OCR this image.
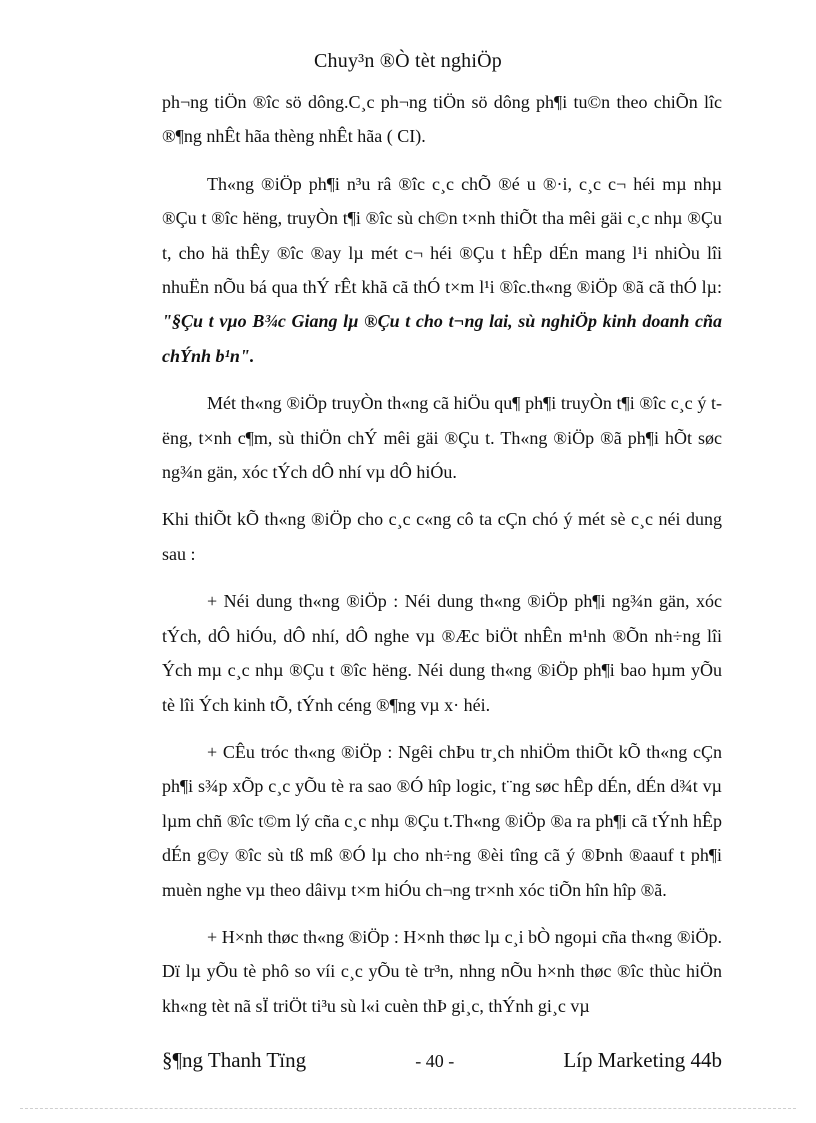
Chuy³n ®Ò tèt nghiÖp

ph¬ng tiÖn ®îc sö dông.C¸c ph¬ng tiÖn sö dông ph¶i tu©n theo chiÕn lîc ®¶ng nhÊt hãa thèng nhÊt hãa ( CI).

Th«ng ®iÖp ph¶i n³u râ ®îc c¸c chÕ ®é u ®·i, c¸c c¬ héi mµ nhµ ®Çu t ®îc hëng, truyÒn t¶i ®îc sù ch©n t×nh thiÕt tha mêi gäi c¸c nhµ ®Çu t, cho hä thÊy ®îc ®ay lµ mét c¬ héi ®Çu t hÊp dÉn mang l¹i nhiÒu lîi nhuËn nÕu bá qua thÝ rÊt khã cã thÓ t×m l¹i ®îc.th«ng ®iÖp ®ã cã thÓ lµ: "§Çu t vµo B¾c Giang lµ ®Çu t cho t¬ng lai, sù nghiÖp kinh doanh cña chÝnh b¹n".

Mét th«ng ®iÖp truyÒn th«ng cã hiÖu qu¶ ph¶i truyÒn t¶i ®îc c¸c ý tëng, t×nh c¶m, sù thiÖn chÝ mêi gäi ®Çu t. Th«ng ®iÖp ®ã ph¶i hÕt søc ng¾n gän, xóc tÝch dÔ nhí vµ dÔ hiÓu.

Khi thiÕt kÕ th«ng ®iÖp cho c¸c c«ng cô ta cÇn chó ý mét sè c¸c néi dung sau :

+ Néi dung th«ng ®iÖp : Néi dung th«ng ®iÖp ph¶i ng¾n gän, xóc tÝch, dÔ hiÓu, dÔ nhí, dÔ nghe vµ ®Æc biÖt nhÊn m¹nh ®Õn nh÷ng lîi Ých mµ c¸c nhµ ®Çu t ®îc hëng. Néi dung th«ng ®iÖp ph¶i bao hµm yÕu tè lîi Ých kinh tÕ, tÝnh céng ®¶ng vµ x· héi.

+ CÊu tróc th«ng ®iÖp : Ngêi chÞu tr¸ch nhiÖm thiÕt kÕ th«ng cÇn ph¶i s¾p xÕp c¸c yÕu tè ra sao ®Ó hîp logic, t¨ng søc hÊp dÉn, dÉn d¾t vµ lµm chñ ®îc t©m lý cña c¸c nhµ ®Çu t.Th«ng ®iÖp ®a ra ph¶i cã tÝnh hÊp dÉn g©y ®îc sù tß mß ®Ó lµ cho nh÷ng ®èi tîng cã ý ®Þnh ®aauf t ph¶i muèn nghe vµ theo dâivµ t×m hiÓu ch¬ng tr×nh xóc tiÕn hîn hîp ®ã.

+ H×nh thøc th«ng ®iÖp : H×nh thøc lµ c¸i bÒ ngoµi cña th«ng ®iÖp. Dï lµ yÕu tè phô so víi c¸c yÕu tè tr³n, nhng nÕu h×nh thøc ®îc thùc hiÖn kh«ng tèt nã sÏ triÖt ti³u sù l«i cuèn thÞ gi¸c, thÝnh gi¸c vµ

§¶ng Thanh Tïng	- 40 -	Líp Marketing 44b
